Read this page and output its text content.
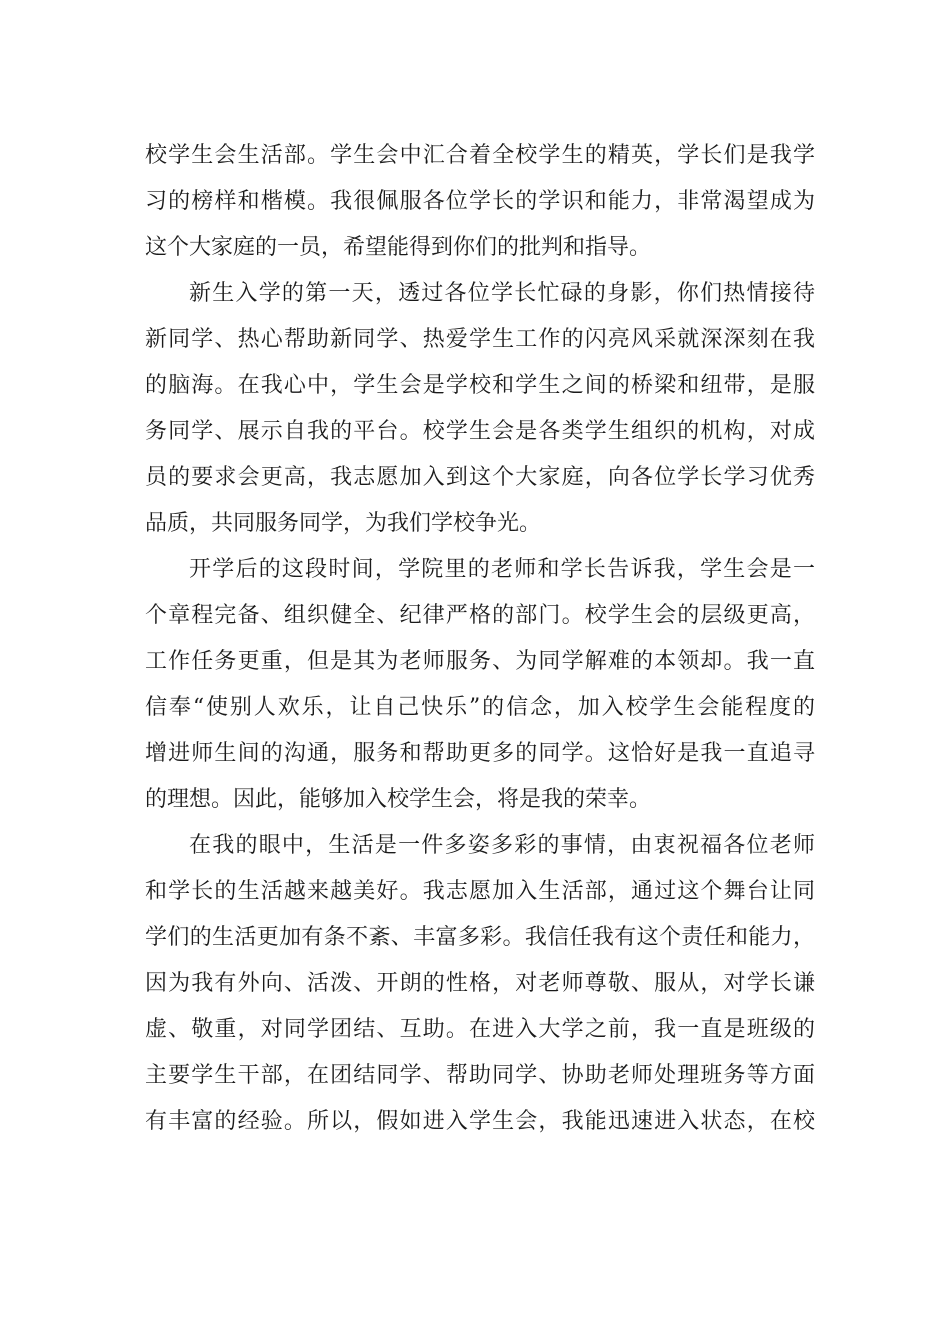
校学生会生活部。学生会中汇合着全校学生的精英，学长们是我学
习的榜样和楷模。我很佩服各位学长的学识和能力，非常渴望成为
这个大家庭的一员，希望能得到你们的批判和指导。
新生入学的第一天，透过各位学长忙碌的身影，你们热情接待
新同学、热心帮助新同学、热爱学生工作的闪亮风采就深深刻在我
的脑海。在我心中，学生会是学校和学生之间的桥梁和纽带，是服
务同学、展示自我的平台。校学生会是各类学生组织的机构，对成
员的要求会更高，我志愿加入到这个大家庭，向各位学长学习优秀
品质，共同服务同学，为我们学校争光。
开学后的这段时间，学院里的老师和学长告诉我，学生会是一
个章程完备、组织健全、纪律严格的部门。校学生会的层级更高，
工作任务更重，但是其为老师服务、为同学解难的本领却。我一直
信奉“使别人欢乐，让自己快乐”的信念，加入校学生会能程度的
增进师生间的沟通，服务和帮助更多的同学。这恰好是我一直追寻
的理想。因此，能够加入校学生会，将是我的荣幸。
在我的眼中，生活是一件多姿多彩的事情，由衷祝福各位老师
和学长的生活越来越美好。我志愿加入生活部，通过这个舞台让同
学们的生活更加有条不紊、丰富多彩。我信任我有这个责任和能力，
因为我有外向、活泼、开朗的性格，对老师尊敬、服从，对学长谦
虚、敬重，对同学团结、互助。在进入大学之前，我一直是班级的
主要学生干部，在团结同学、帮助同学、协助老师处理班务等方面
有丰富的经验。所以，假如进入学生会，我能迅速进入状态，在校
